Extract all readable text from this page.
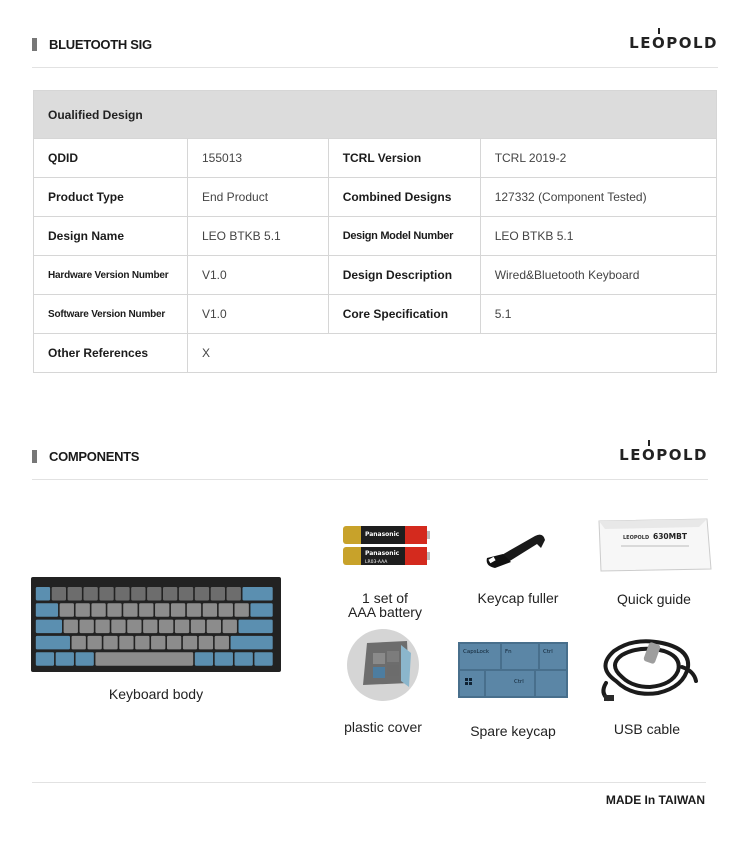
BLUETOOTH SIG	LEOPOLD
Oualified Design			
QDID	155013	TCRL Version	TCRL 2019-2
Product Type	End Product	Combined Designs	127332 (Component Tested)
Design Name	LEO BTKB 5.1	Design Model Number	LEO BTKB 5.1
Hardware Version Number	V1.0	Design Description	Wired&Bluetooth Keyboard
Software Version Number	V1.0	Core Specification	5.1
Other References	X		
COMPONENTS	LEOPOLD
Keyboard body
Panasonic
Panasonic
LR03-AAA
1 set of
AAA battery
Keycap fuller
LEOPOLD 630MBT
Quick guide
plastic cover
CapsLock	Fn	Ctrl
Ctrl
Spare keycap	USB cable
MADE In TAIWAN
